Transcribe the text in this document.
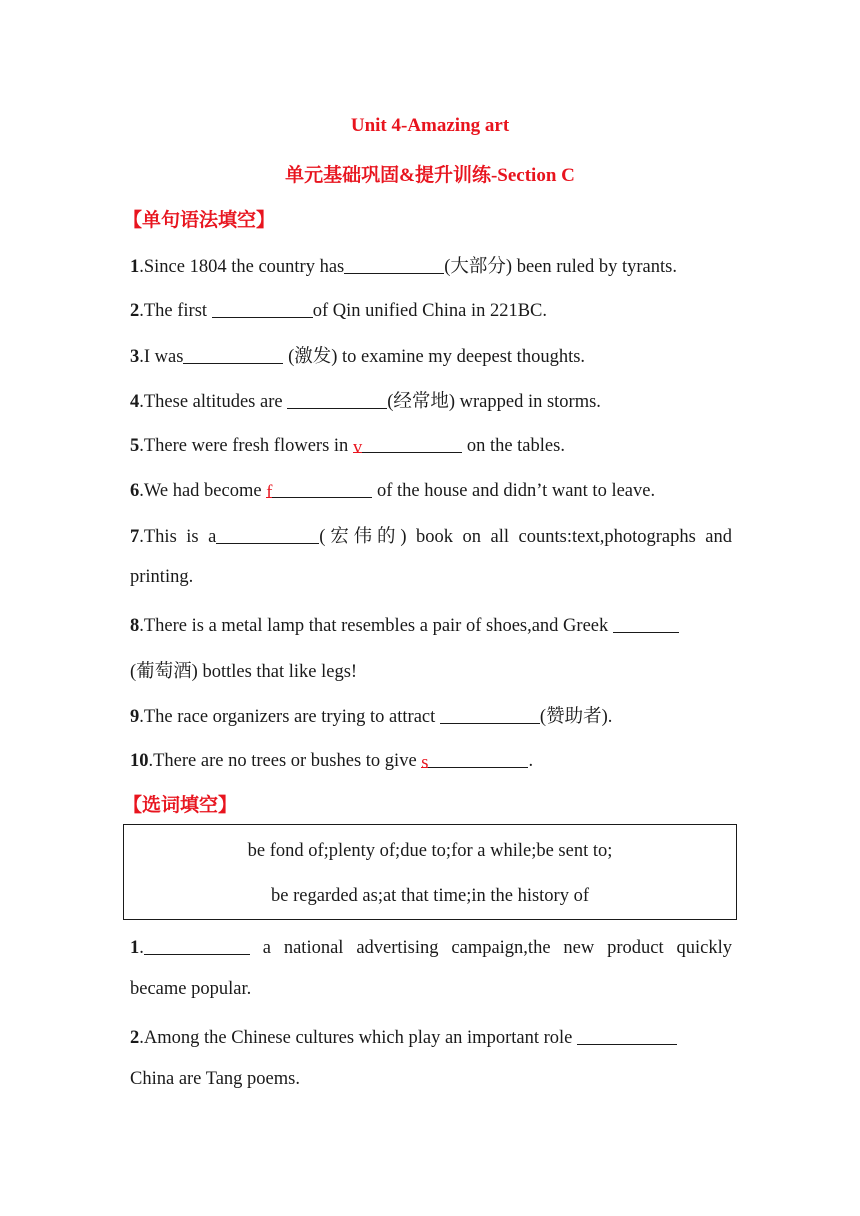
Unit 4-Amazing art
单元基础巩固&提升训练-Section C
【单句语法填空】
1.Since 1804 the country has	(大部分) been ruled by tyrants.
2.The first	of Qin unified China in 221BC.
3.I was	(激发) to examine my deepest thoughts.
4.These altitudes are	(经常地) wrapped in storms.
5.There were fresh flowers in v	on the tables.
6.We had become f	of the house and didn’t want to leave.
7.This is a	(宏伟的) book on all counts:text,photographs and
printing.
8.There is a metal lamp that resembles a pair of shoes,and Greek
(葡萄酒) bottles that like legs!
9.The race organizers are trying to attract	(赞助者).
10.There are no trees or bushes to give s	.
【选词填空】
be fond of;plenty of;due to;for a while;be sent to;
be regarded as;at that time;in the history of
1.	a national advertising campaign,the new product quickly
became popular.
2.Among the Chinese cultures which play an important role
China are Tang poems.
